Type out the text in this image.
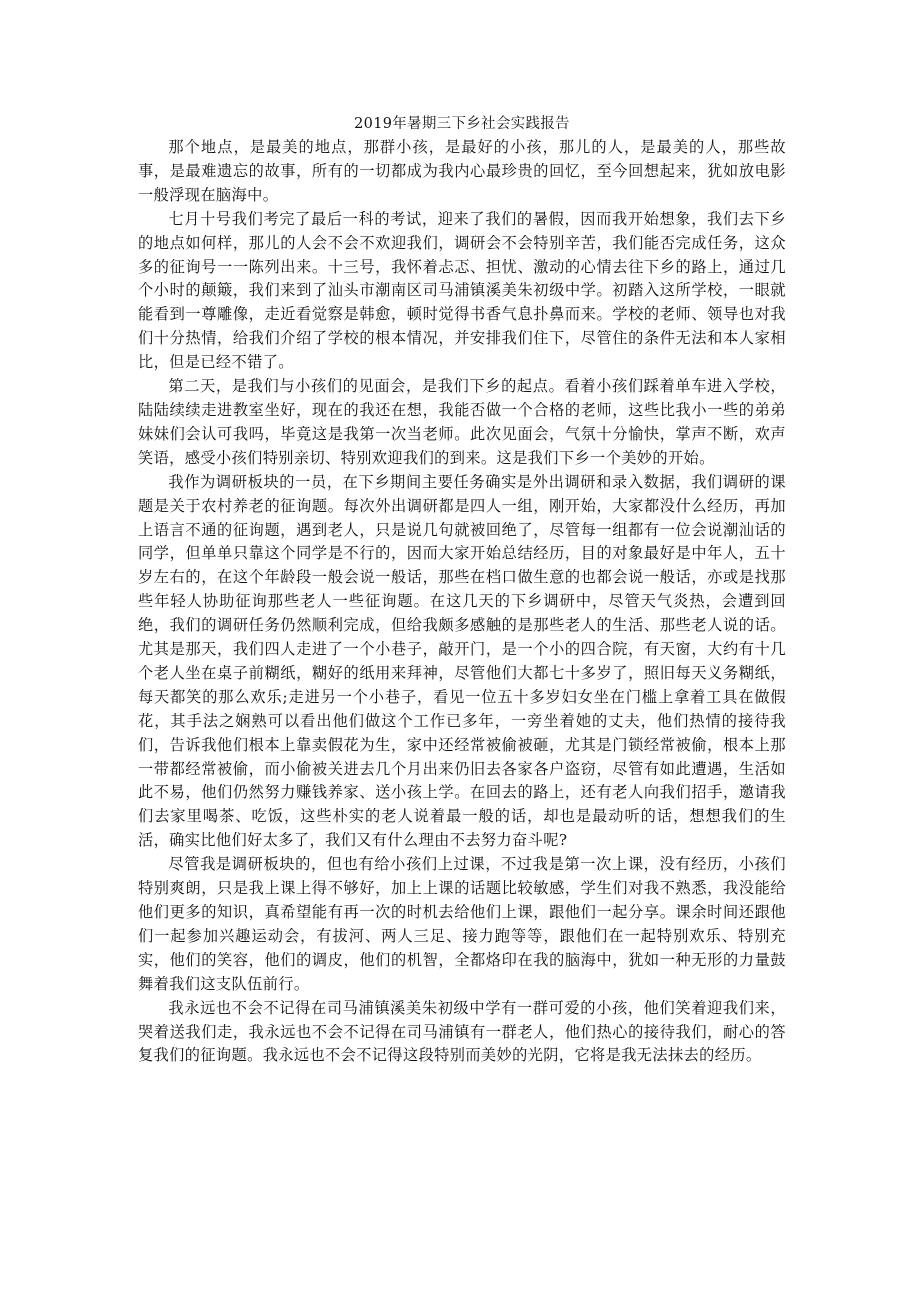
2019年暑期三下乡社会实践报告

那个地点，是最美的地点，那群小孩，是最好的小孩，那儿的人，是最美的人，那些故事，是最难遗忘的故事，所有的一切都成为我内心最珍贵的回忆，至今回想起来，犹如放电影一般浮现在脑海中。

七月十号我们考完了最后一科的考试，迎来了我们的暑假，因而我开始想象，我们去下乡的地点如何样，那儿的人会不会不欢迎我们，调研会不会特别辛苦，我们能否完成任务，这众多的征询号一一陈列出来。十三号，我怀着忐忑、担忧、激动的心情去往下乡的路上，通过几个小时的颠簸，我们来到了汕头市潮南区司马浦镇溪美朱初级中学。初踏入这所学校，一眼就能看到一尊雕像，走近看觉察是韩愈，顿时觉得书香气息扑鼻而来。学校的老师、领导也对我们十分热情，给我们介绍了学校的根本情况，并安排我们住下，尽管住的条件无法和本人家相比，但是已经不错了。

第二天，是我们与小孩们的见面会，是我们下乡的起点。看着小孩们踩着单车进入学校，陆陆续续走进教室坐好，现在的我还在想，我能否做一个合格的老师，这些比我小一些的弟弟妹妹们会认可我吗，毕竟这是我第一次当老师。此次见面会，气氛十分愉快，掌声不断，欢声笑语，感受小孩们特别亲切、特别欢迎我们的到来。这是我们下乡一个美妙的开始。

我作为调研板块的一员，在下乡期间主要任务确实是外出调研和录入数据，我们调研的课题是关于农村养老的征询题。每次外出调研都是四人一组，刚开始，大家都没什么经历，再加上语言不通的征询题，遇到老人，只是说几句就被回绝了，尽管每一组都有一位会说潮汕话的同学，但单单只靠这个同学是不行的，因而大家开始总结经历，目的对象最好是中年人，五十岁左右的，在这个年龄段一般会说一般话，那些在档口做生意的也都会说一般话，亦或是找那些年轻人协助征询那些老人一些征询题。在这几天的下乡调研中，尽管天气炎热，会遭到回绝，我们的调研任务仍然顺利完成，但给我颇多感触的是那些老人的生活、那些老人说的话。尤其是那天，我们四人走进了一个小巷子，敲开门，是一个小的四合院，有天窗，大约有十几个老人坐在桌子前糊纸，糊好的纸用来拜神，尽管他们大都七十多岁了，照旧每天义务糊纸，每天都笑的那么欢乐;走进另一个小巷子，看见一位五十多岁妇女坐在门槛上拿着工具在做假花，其手法之娴熟可以看出他们做这个工作已多年，一旁坐着她的丈夫，他们热情的接待我们，告诉我他们根本上靠卖假花为生，家中还经常被偷被砸，尤其是门锁经常被偷，根本上那一带都经常被偷，而小偷被关进去几个月出来仍旧去各家各户盗窃，尽管有如此遭遇，生活如此不易，他们仍然努力赚钱养家、送小孩上学。在回去的路上，还有老人向我们招手，邀请我们去家里喝茶、吃饭，这些朴实的老人说着最一般的话，却也是最动听的话，想想我们的生活，确实比他们好太多了，我们又有什么理由不去努力奋斗呢?

尽管我是调研板块的，但也有给小孩们上过课，不过我是第一次上课，没有经历，小孩们特别爽朗，只是我上课上得不够好，加上上课的话题比较敏感，学生们对我不熟悉，我没能给他们更多的知识，真希望能有再一次的时机去给他们上课，跟他们一起分享。课余时间还跟他们一起参加兴趣运动会，有拔河、两人三足、接力跑等等，跟他们在一起特别欢乐、特别充实，他们的笑容，他们的调皮，他们的机智，全都烙印在我的脑海中，犹如一种无形的力量鼓舞着我们这支队伍前行。

我永远也不会不记得在司马浦镇溪美朱初级中学有一群可爱的小孩，他们笑着迎我们来，哭着送我们走，我永远也不会不记得在司马浦镇有一群老人，他们热心的接待我们，耐心的答复我们的征询题。我永远也不会不记得这段特别而美妙的光阴，它将是我无法抹去的经历。
